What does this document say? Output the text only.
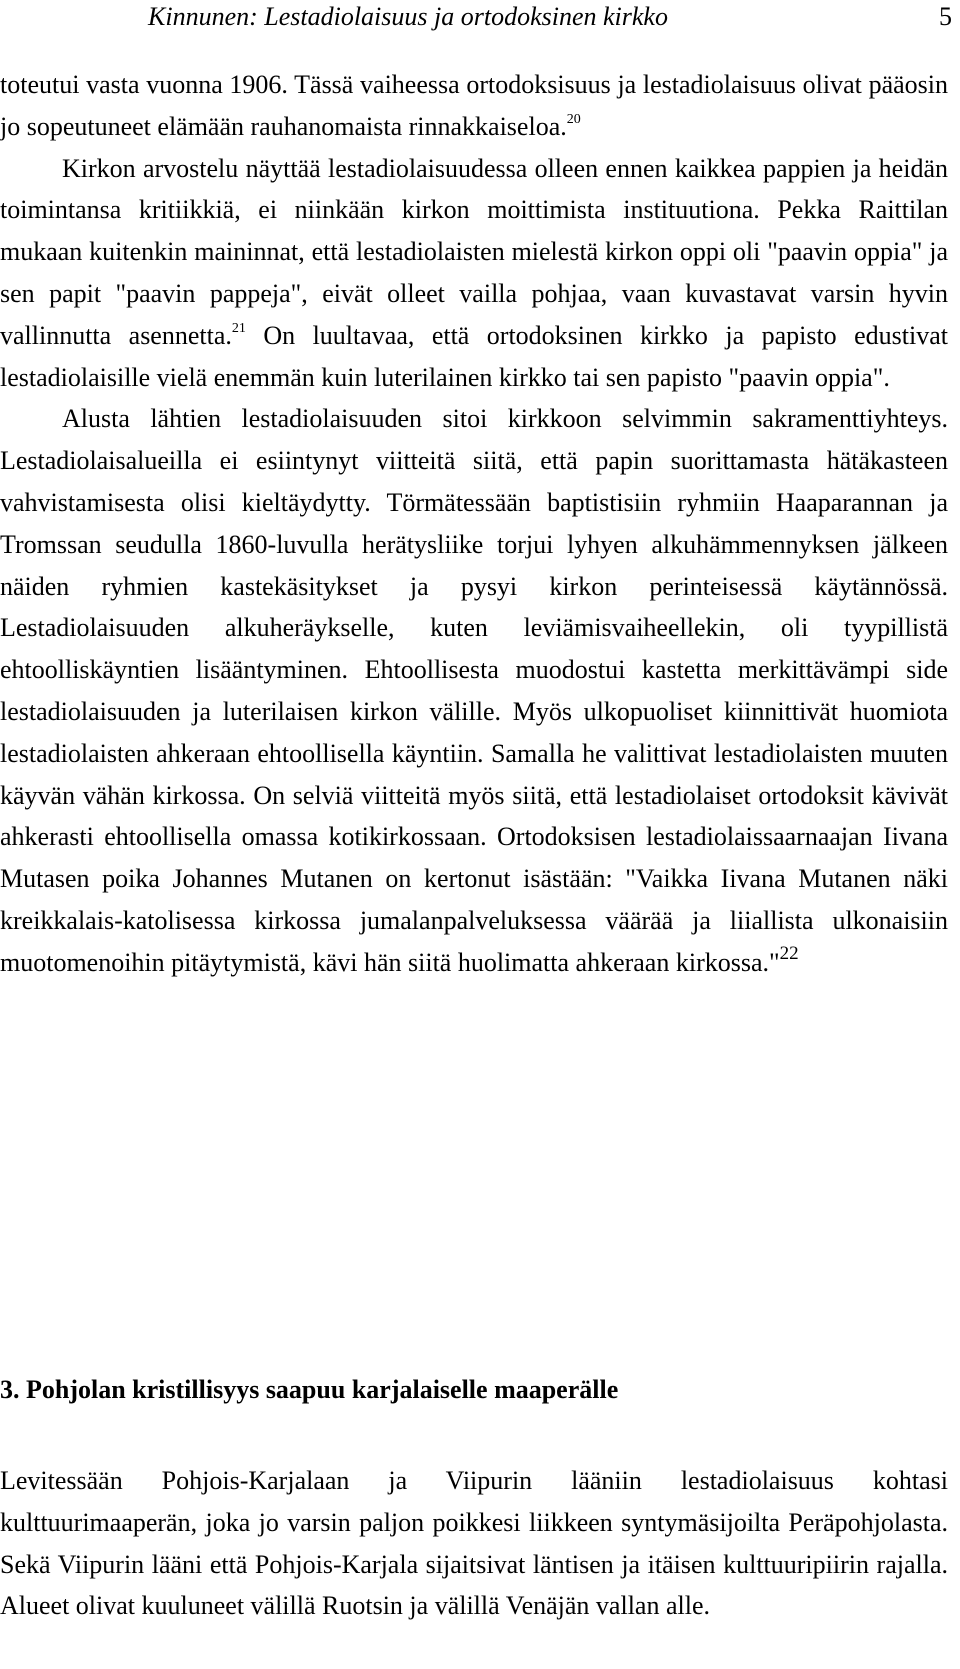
Kinnunen: Lestadiolaisuus ja ortodoksinen kirkko	5

toteutui vasta vuonna 1906. Tässä vaiheessa ortodoksisuus ja lestadiolaisuus olivat pääosin jo sopeutuneet elämään rauhanomaista rinnakkaiseloa.$^{20}$

Kirkon arvostelu näyttää lestadiolaisuudessa olleen ennen kaikkea pappien ja heidän toimintansa kritiikkiä, ei niinkään kirkon moittimista instituutiona. Pekka Raittilan mukaan kuitenkin maininnat, että lestadiolaisten mielestä kirkon oppi oli "paavin oppia" ja sen papit "paavin pappeja", eivät olleet vailla pohjaa, vaan kuvastavat varsin hyvin vallinnutta asennetta.$^{21}$ On luultavaa, että ortodoksinen kirkko ja papisto edustivat lestadiolaisille vielä enemmän kuin luterilainen kirkko tai sen papisto "paavin oppia".

Alusta lähtien lestadiolaisuuden sitoi kirkkoon selvimmin sakramenttiyhteys. Lestadiolaisalueilla ei esiintynyt viitteitä siitä, että papin suorittamasta hätäkasteen vahvistamisesta olisi kieltäydytty. Törmätessään baptistisiin ryhmiin Haaparannan ja Tromssan seudulla 1860-luvulla herätysliike torjui lyhyen alkuhämmennyksen jälkeen näiden ryhmien kastekäsitykset ja pysyi kirkon perinteisessä käytännössä. Lestadiolaisuuden alkuheräykselle, kuten leviämisvaiheellekin, oli tyypillistä ehtoolliskäyntien lisääntyminen. Ehtoollisesta muodostui kastetta merkittävämpi side lestadiolaisuuden ja luterilaisen kirkon välille. Myös ulkopuoliset kiinnittivät huomiota lestadiolaisten ahkeraan ehtoollisella käyntiin. Samalla he valittivat lestadiolaisten muuten käyvän vähän kirkossa. On selviä viitteitä myös siitä, että lestadiolaiset ortodoksit kävivät ahkerasti ehtoollisella omassa kotikirkossaan. Ortodoksisen lestadiolaissaarnaajan Iivana Mutasen poika Johannes Mutanen on kertonut isästään: "Vaikka Iivana Mutanen näki kreikkalais-katolisessa kirkossa jumalanpalveluksessa väärää ja liiallista ulkonaisiin muotomenoihin pitäytymistä, kävi hän siitä huolimatta ahkeraan kirkossa."$^{22}$

3. Pohjolan kristillisyys saapuu karjalaiselle maaperälle

Levitessään Pohjois-Karjalaan ja Viipurin lääniin lestadiolaisuus kohtasi kulttuurimaaperän, joka jo varsin paljon poikkesi liikkeen syntymäsijoilta Peräpohjolasta. Sekä Viipurin lääni että Pohjois-Karjala sijaitsivat läntisen ja itäisen kulttuuripiirin rajalla. Alueet olivat kuuluneet välillä Ruotsin ja välillä Venäjän vallan alle.
